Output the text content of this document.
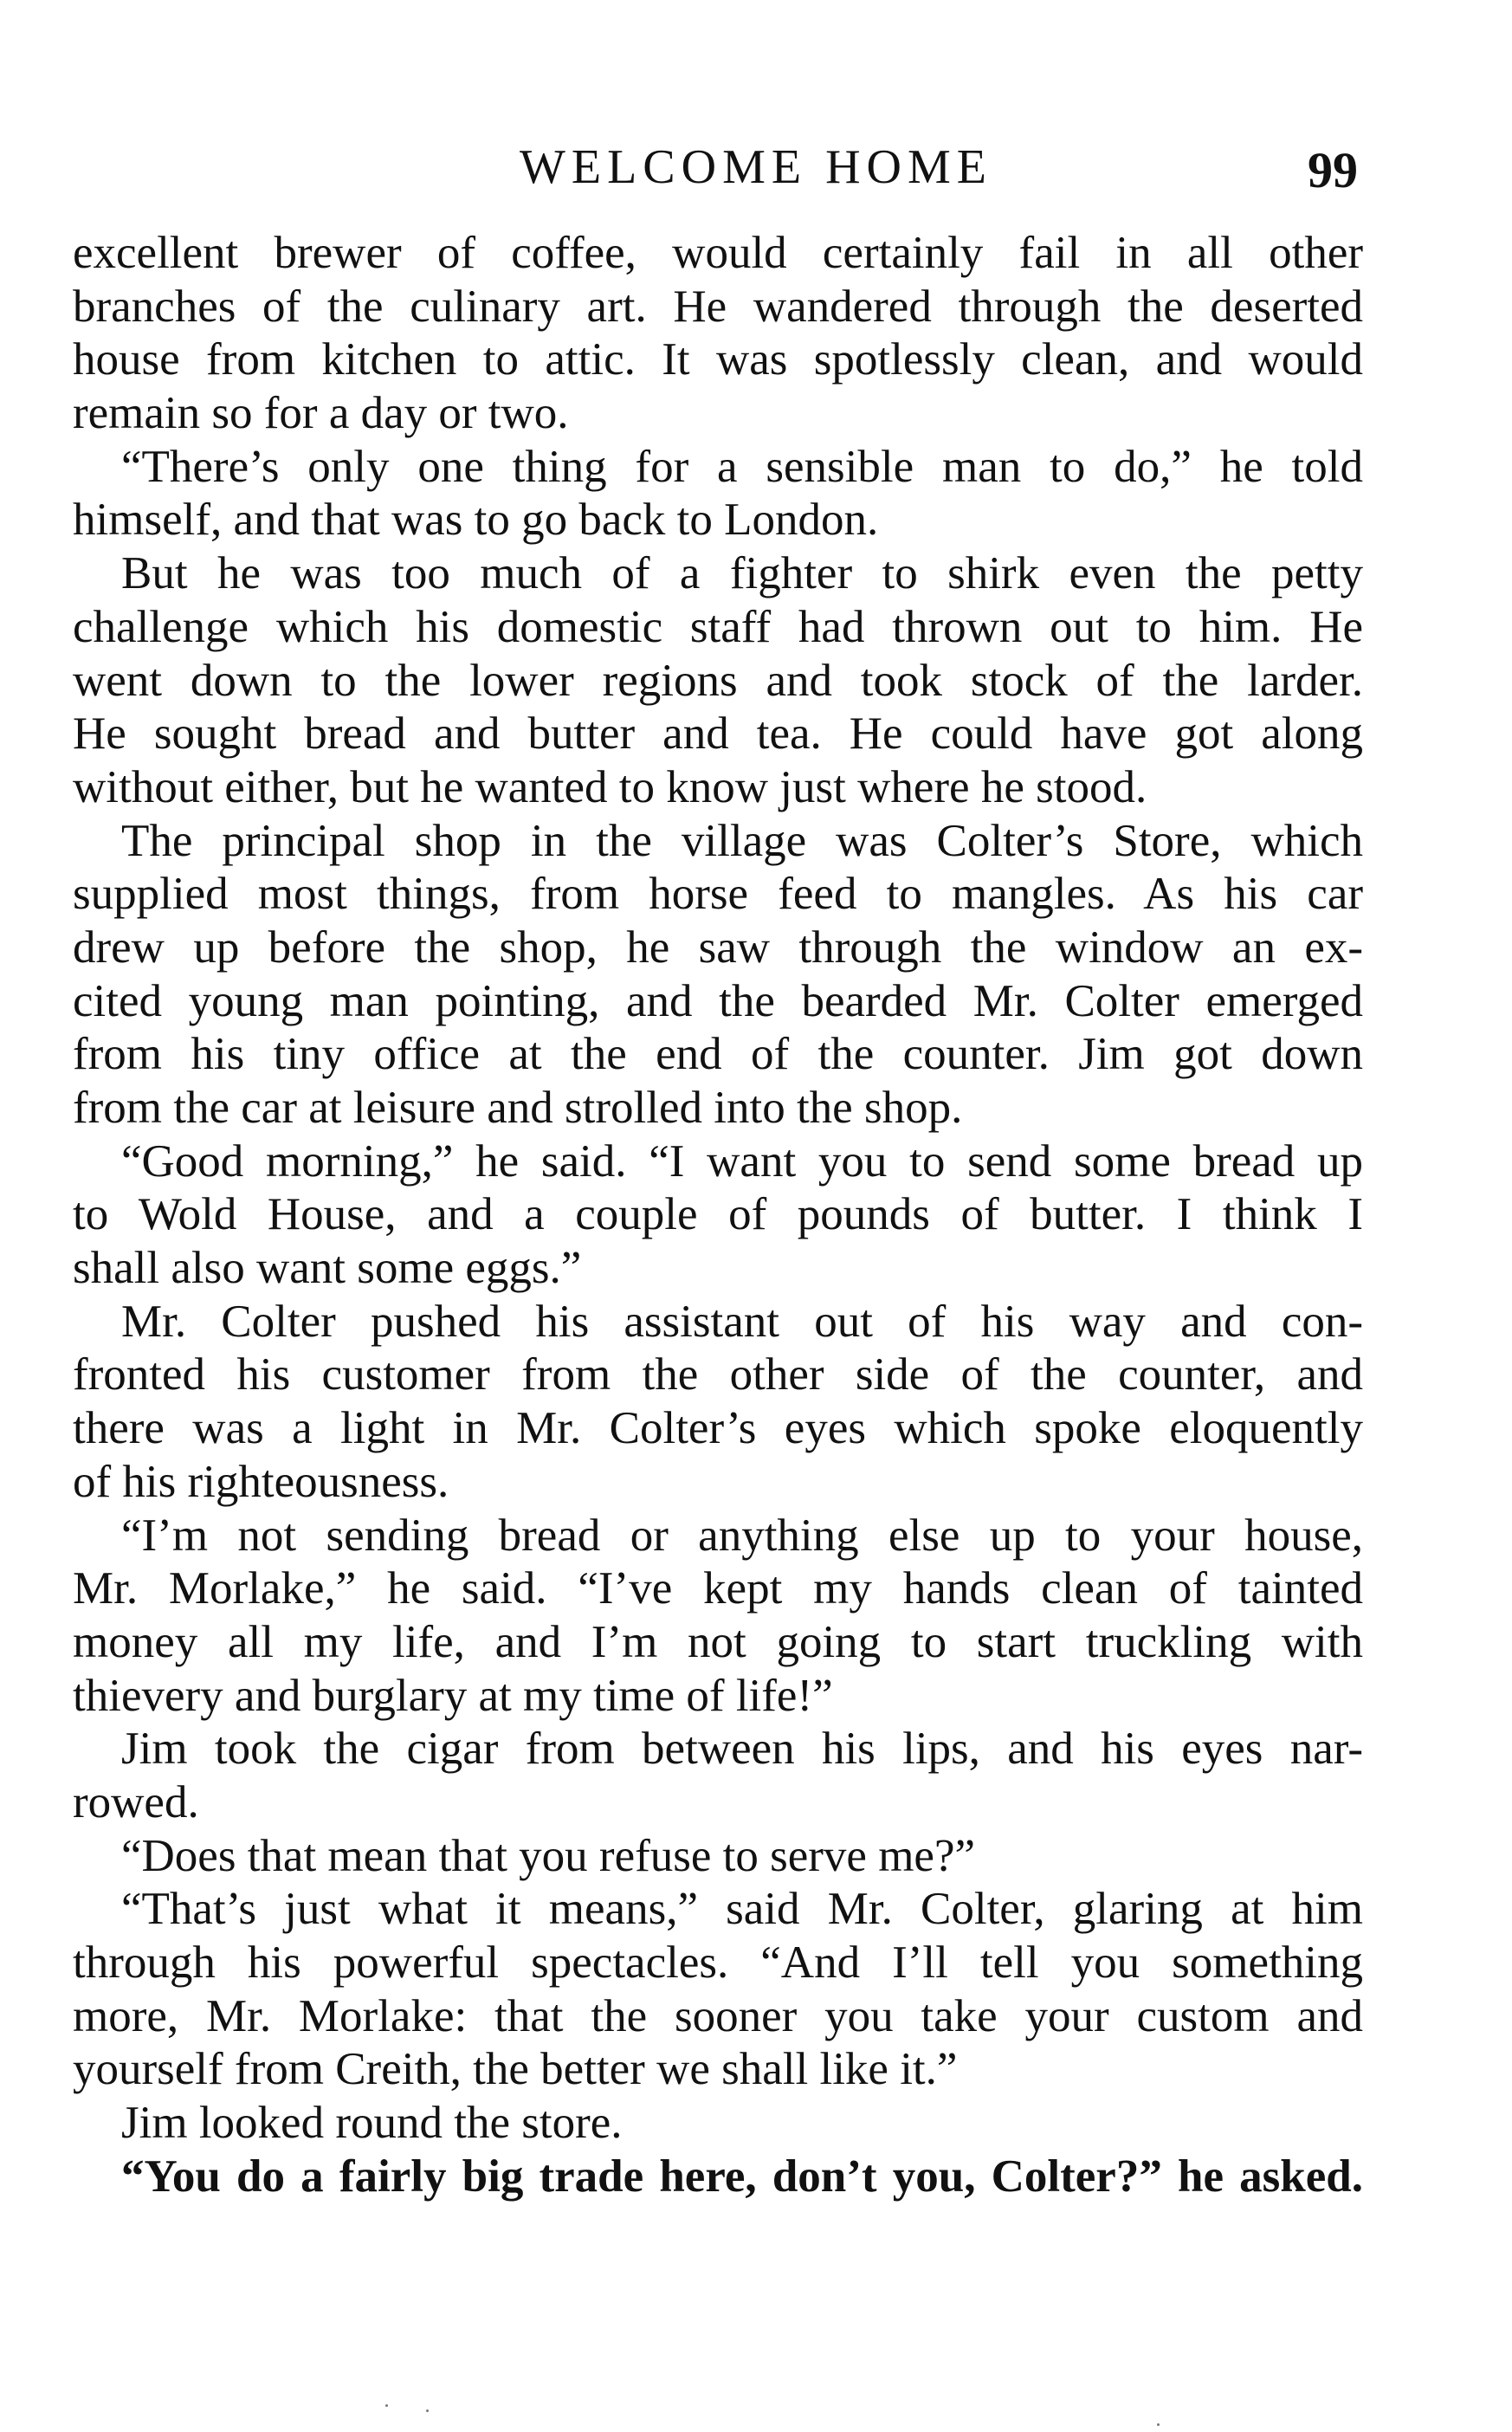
WELCOME HOME	99
excellent brewer of coffee, would certainly fail in all other
branches of the culinary art. He wandered through the deserted
house from kitchen to attic. It was spotlessly clean, and would
remain so for a day or two.
“There’s only one thing for a sensible man to do,” he told
himself, and that was to go back to London.
But he was too much of a fighter to shirk even the petty
challenge which his domestic staff had thrown out to him. He
went down to the lower regions and took stock of the larder.
He sought bread and butter and tea. He could have got along
without either, but he wanted to know just where he stood.
The principal shop in the village was Colter’s Store, which
supplied most things, from horse feed to mangles. As his car
drew up before the shop, he saw through the window an ex-
cited young man pointing, and the bearded Mr. Colter emerged
from his tiny office at the end of the counter. Jim got down
from the car at leisure and strolled into the shop.
“Good morning,” he said. “I want you to send some bread up
to Wold House, and a couple of pounds of butter. I think I
shall also want some eggs.”
Mr. Colter pushed his assistant out of his way and con-
fronted his customer from the other side of the counter, and
there was a light in Mr. Colter’s eyes which spoke eloquently
of his righteousness.
“I’m not sending bread or anything else up to your house,
Mr. Morlake,” he said. “I’ve kept my hands clean of tainted
money all my life, and I’m not going to start truckling with
thievery and burglary at my time of life!”
Jim took the cigar from between his lips, and his eyes nar-
rowed.
“Does that mean that you refuse to serve me?”
“That’s just what it means,” said Mr. Colter, glaring at him
through his powerful spectacles. “And I’ll tell you something
more, Mr. Morlake: that the sooner you take your custom and
yourself from Creith, the better we shall like it.”
Jim looked round the store.
“You do a fairly big trade here, don’t you, Colter?” he asked.
